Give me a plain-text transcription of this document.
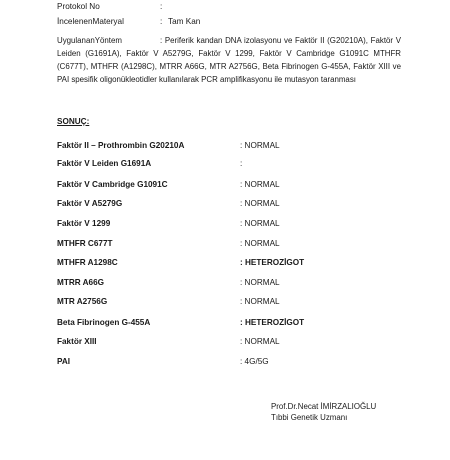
Protokol No	:
İncelenenMateryal	: Tam Kan
UygulananYöntem	: Periferik kandan DNA izolasyonu ve Faktör II (G20210A), Faktör V Leiden (G1691A), Faktör V A5279G, Faktör V 1299, Faktör V Cambridge G1091C MTHFR (C677T), MTHFR (A1298C), MTRR A66G, MTR A2756G, Beta Fibrinogen G-455A, Faktör XIII ve PAI spesifik oligonükleotidler kullanılarak PCR amplifikasyonu ile mutasyon taranması
SONUÇ:
Faktör II – Prothrombin G20210A	: NORMAL
Faktör V Leiden G1691A	:
Faktör V Cambridge G1091C	: NORMAL
Faktör V A5279G	: NORMAL
Faktör V 1299	: NORMAL
MTHFR C677T	: NORMAL
MTHFR A1298C	: HETEROZİGOT
MTRR A66G	: NORMAL
MTR A2756G	: NORMAL
Beta Fibrinogen G-455A	: HETEROZİGOT
Faktör XIII	: NORMAL
PAI	: 4G/5G
Prof.Dr.Necat İMİRZALIOĞLU
Tıbbi Genetik Uzmanı
